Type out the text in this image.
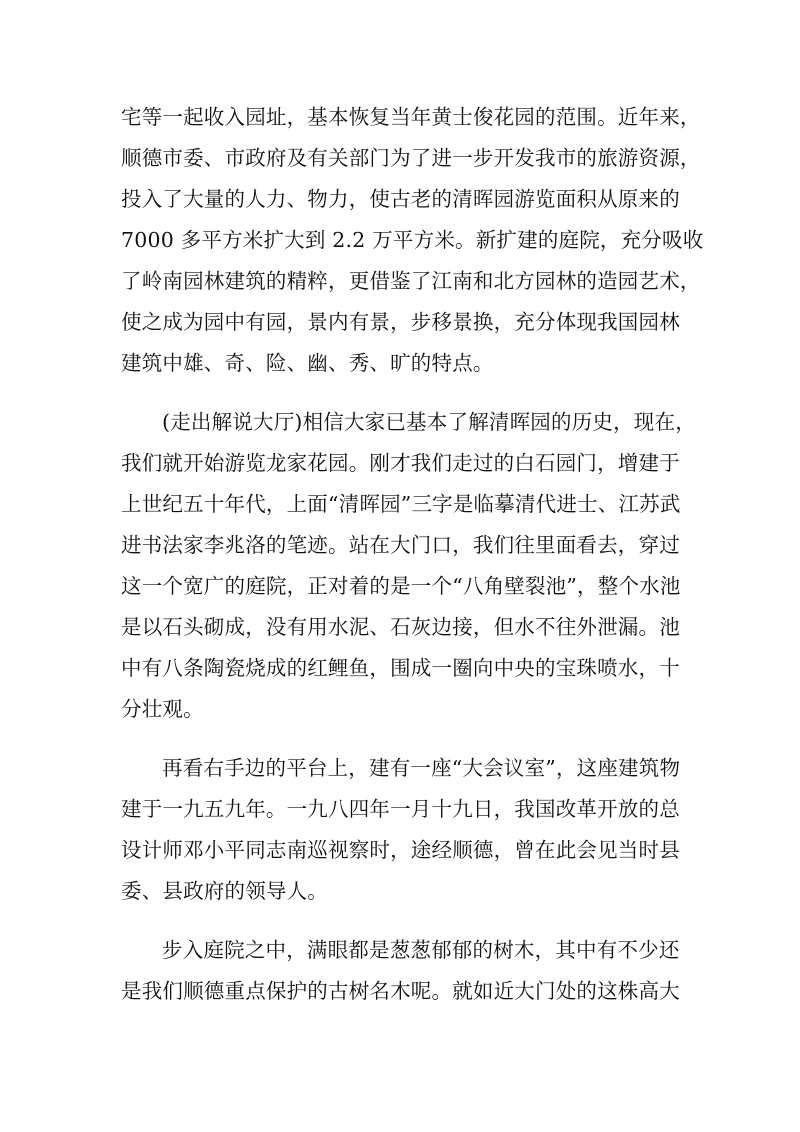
宅等一起收入园址，基本恢复当年黄士俊花园的范围。近年来，
顺德市委、市政府及有关部门为了进一步开发我市的旅游资源，
投入了大量的人力、物力，使古老的清晖园游览面积从原来的
7000 多平方米扩大到 2.2 万平方米。新扩建的庭院，充分吸收
了岭南园林建筑的精粹，更借鉴了江南和北方园林的造园艺术，
使之成为园中有园，景内有景，步移景换，充分体现我国园林
建筑中雄、奇、险、幽、秀、旷的特点。

(走出解说大厅)相信大家已基本了解清晖园的历史，现在，
我们就开始游览龙家花园。刚才我们走过的白石园门，增建于
上世纪五十年代，上面“清晖园”三字是临摹清代进士、江苏武
进书法家李兆洛的笔迹。站在大门口，我们往里面看去，穿过
这一个宽广的庭院，正对着的是一个“八角壁裂池”，整个水池
是以石头砌成，没有用水泥、石灰边接，但水不往外泄漏。池
中有八条陶瓷烧成的红鲤鱼，围成一圈向中央的宝珠喷水，十
分壮观。

再看右手边的平台上，建有一座“大会议室”，这座建筑物
建于一九五九年。一九八四年一月十九日，我国改革开放的总
设计师邓小平同志南巡视察时，途经顺德，曾在此会见当时县
委、县政府的领导人。

步入庭院之中，满眼都是葱葱郁郁的树木，其中有不少还
是我们顺德重点保护的古树名木呢。就如近大门处的这株高大
